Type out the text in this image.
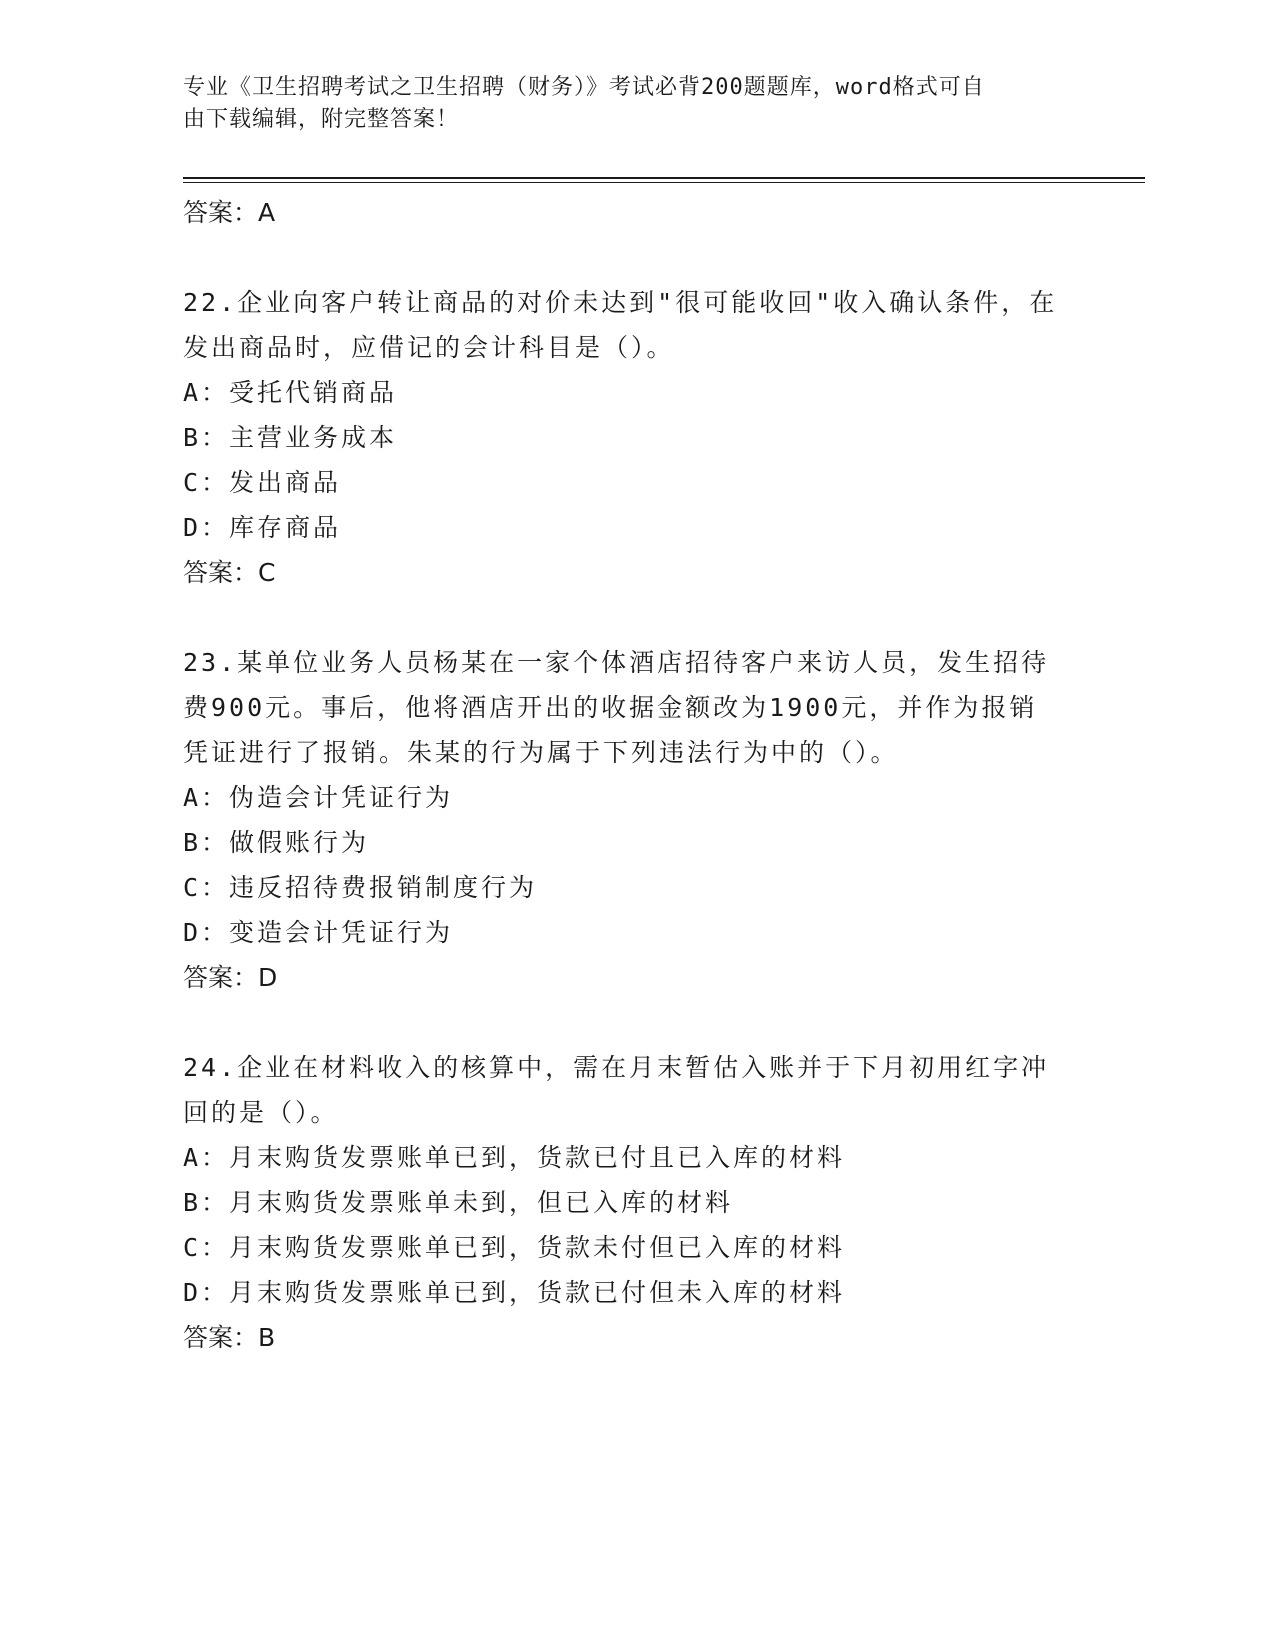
专业《卫生招聘考试之卫生招聘（财务）》考试必背200题题库，word格式可自
由下载编辑，附完整答案！
答案：A
22.企业向客户转让商品的对价未达到"很可能收回"收入确认条件，在
发出商品时，应借记的会计科目是（）。
A：受托代销商品
B：主营业务成本
C：发出商品
D：库存商品
答案：C
23.某单位业务人员杨某在一家个体酒店招待客户来访人员，发生招待
费900元。事后，他将酒店开出的收据金额改为1900元，并作为报销
凭证进行了报销。朱某的行为属于下列违法行为中的（）。
A：伪造会计凭证行为
B：做假账行为
C：违反招待费报销制度行为
D：变造会计凭证行为
答案：D
24.企业在材料收入的核算中，需在月末暂估入账并于下月初用红字冲
回的是（）。
A：月末购货发票账单已到，货款已付且已入库的材料
B：月末购货发票账单未到，但已入库的材料
C：月末购货发票账单已到，货款未付但已入库的材料
D：月末购货发票账单已到，货款已付但未入库的材料
答案：B
